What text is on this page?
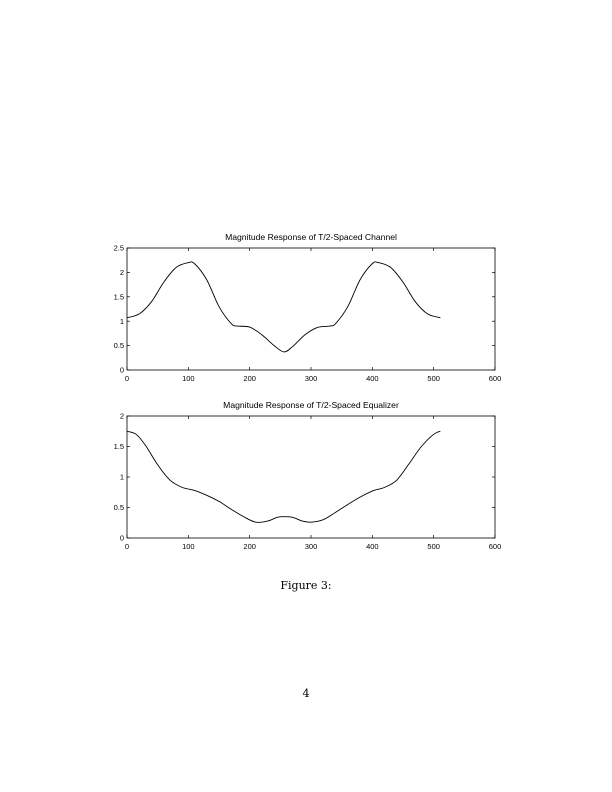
Magnitude Response of T/2-Spaced Channel
0	100	200	300	400	500	600
0
0.5
1
1.5
2
2.5
Magnitude Response of T/2-Spaced Equalizer
0	100	200	300	400	500	600
0
0.5
1
1.5
2
Figure 3:
4
